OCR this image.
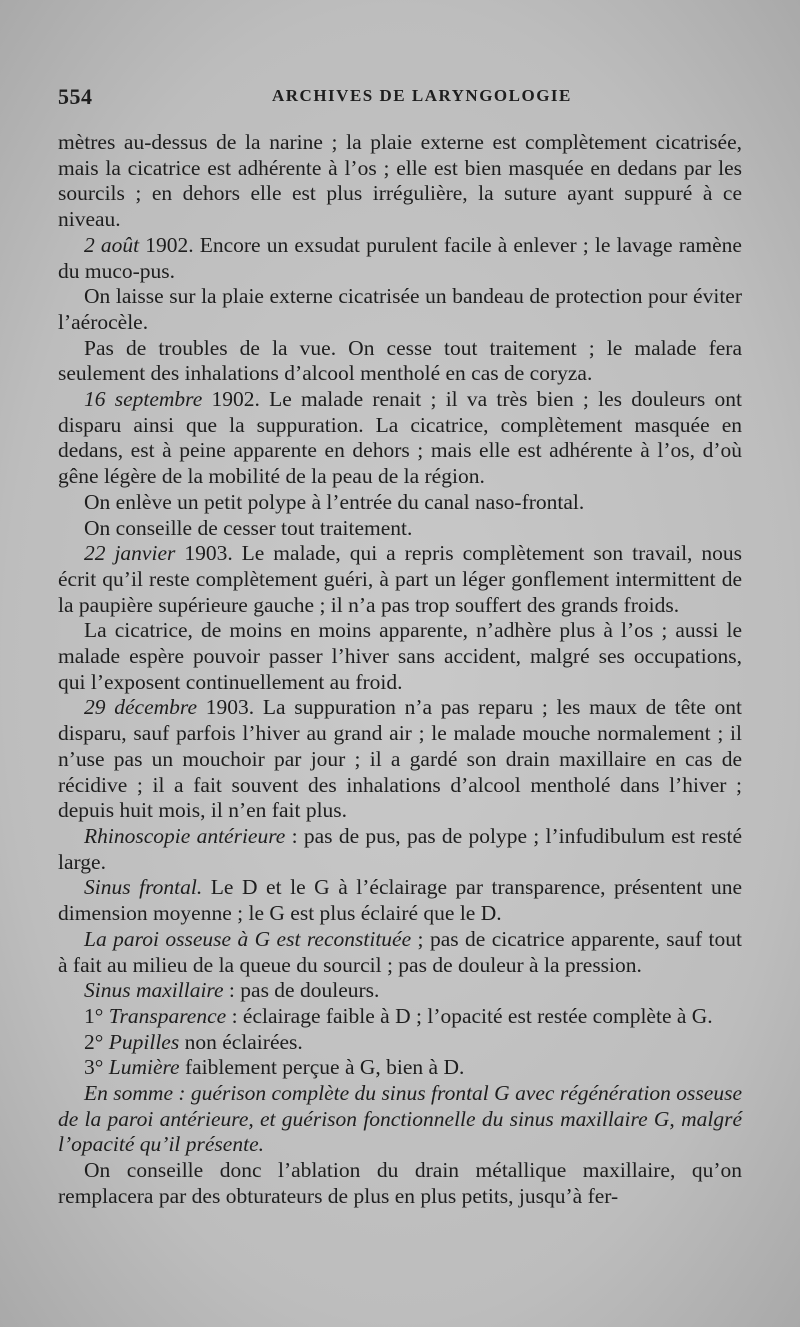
554	ARCHIVES DE LARYNGOLOGIE

mètres au-dessus de la narine ; la plaie externe est complètement cicatrisée, mais la cicatrice est adhérente à l’os ; elle est bien masquée en dedans par les sourcils ; en dehors elle est plus irrégulière, la suture ayant suppuré à ce niveau.

2 août 1902. Encore un exsudat purulent facile à enlever ; le lavage ramène du muco-pus.

On laisse sur la plaie externe cicatrisée un bandeau de protection pour éviter l’aérocèle.

Pas de troubles de la vue. On cesse tout traitement ; le malade fera seulement des inhalations d’alcool mentholé en cas de coryza.

16 septembre 1902. Le malade renait ; il va très bien ; les douleurs ont disparu ainsi que la suppuration. La cicatrice, complètement masquée en dedans, est à peine apparente en dehors ; mais elle est adhérente à l’os, d’où gêne légère de la mobilité de la peau de la région.

On enlève un petit polype à l’entrée du canal naso-frontal.

On conseille de cesser tout traitement.

22 janvier 1903. Le malade, qui a repris complètement son travail, nous écrit qu’il reste complètement guéri, à part un léger gonflement intermittent de la paupière supérieure gauche ; il n’a pas trop souffert des grands froids.

La cicatrice, de moins en moins apparente, n’adhère plus à l’os ; aussi le malade espère pouvoir passer l’hiver sans accident, malgré ses occupations, qui l’exposent continuellement au froid.

29 décembre 1903. La suppuration n’a pas reparu ; les maux de tête ont disparu, sauf parfois l’hiver au grand air ; le malade mouche normalement ; il n’use pas un mouchoir par jour ; il a gardé son drain maxillaire en cas de récidive ; il a fait souvent des inhalations d’alcool mentholé dans l’hiver ; depuis huit mois, il n’en fait plus.

Rhinoscopie antérieure : pas de pus, pas de polype ; l’infudibulum est resté large.

Sinus frontal. Le D et le G à l’éclairage par transparence, présentent une dimension moyenne ; le G est plus éclairé que le D.

La paroi osseuse à G est reconstituée ; pas de cicatrice apparente, sauf tout à fait au milieu de la queue du sourcil ; pas de douleur à la pression.

Sinus maxillaire : pas de douleurs.

1° Transparence : éclairage faible à D ; l’opacité est restée complète à G.

2° Pupilles non éclairées.

3° Lumière faiblement perçue à G, bien à D.

En somme : guérison complète du sinus frontal G avec régénération osseuse de la paroi antérieure, et guérison fonctionnelle du sinus maxillaire G, malgré l’opacité qu’il présente.

On conseille donc l’ablation du drain métallique maxillaire, qu’on remplacera par des obturateurs de plus en plus petits, jusqu’à fer-
